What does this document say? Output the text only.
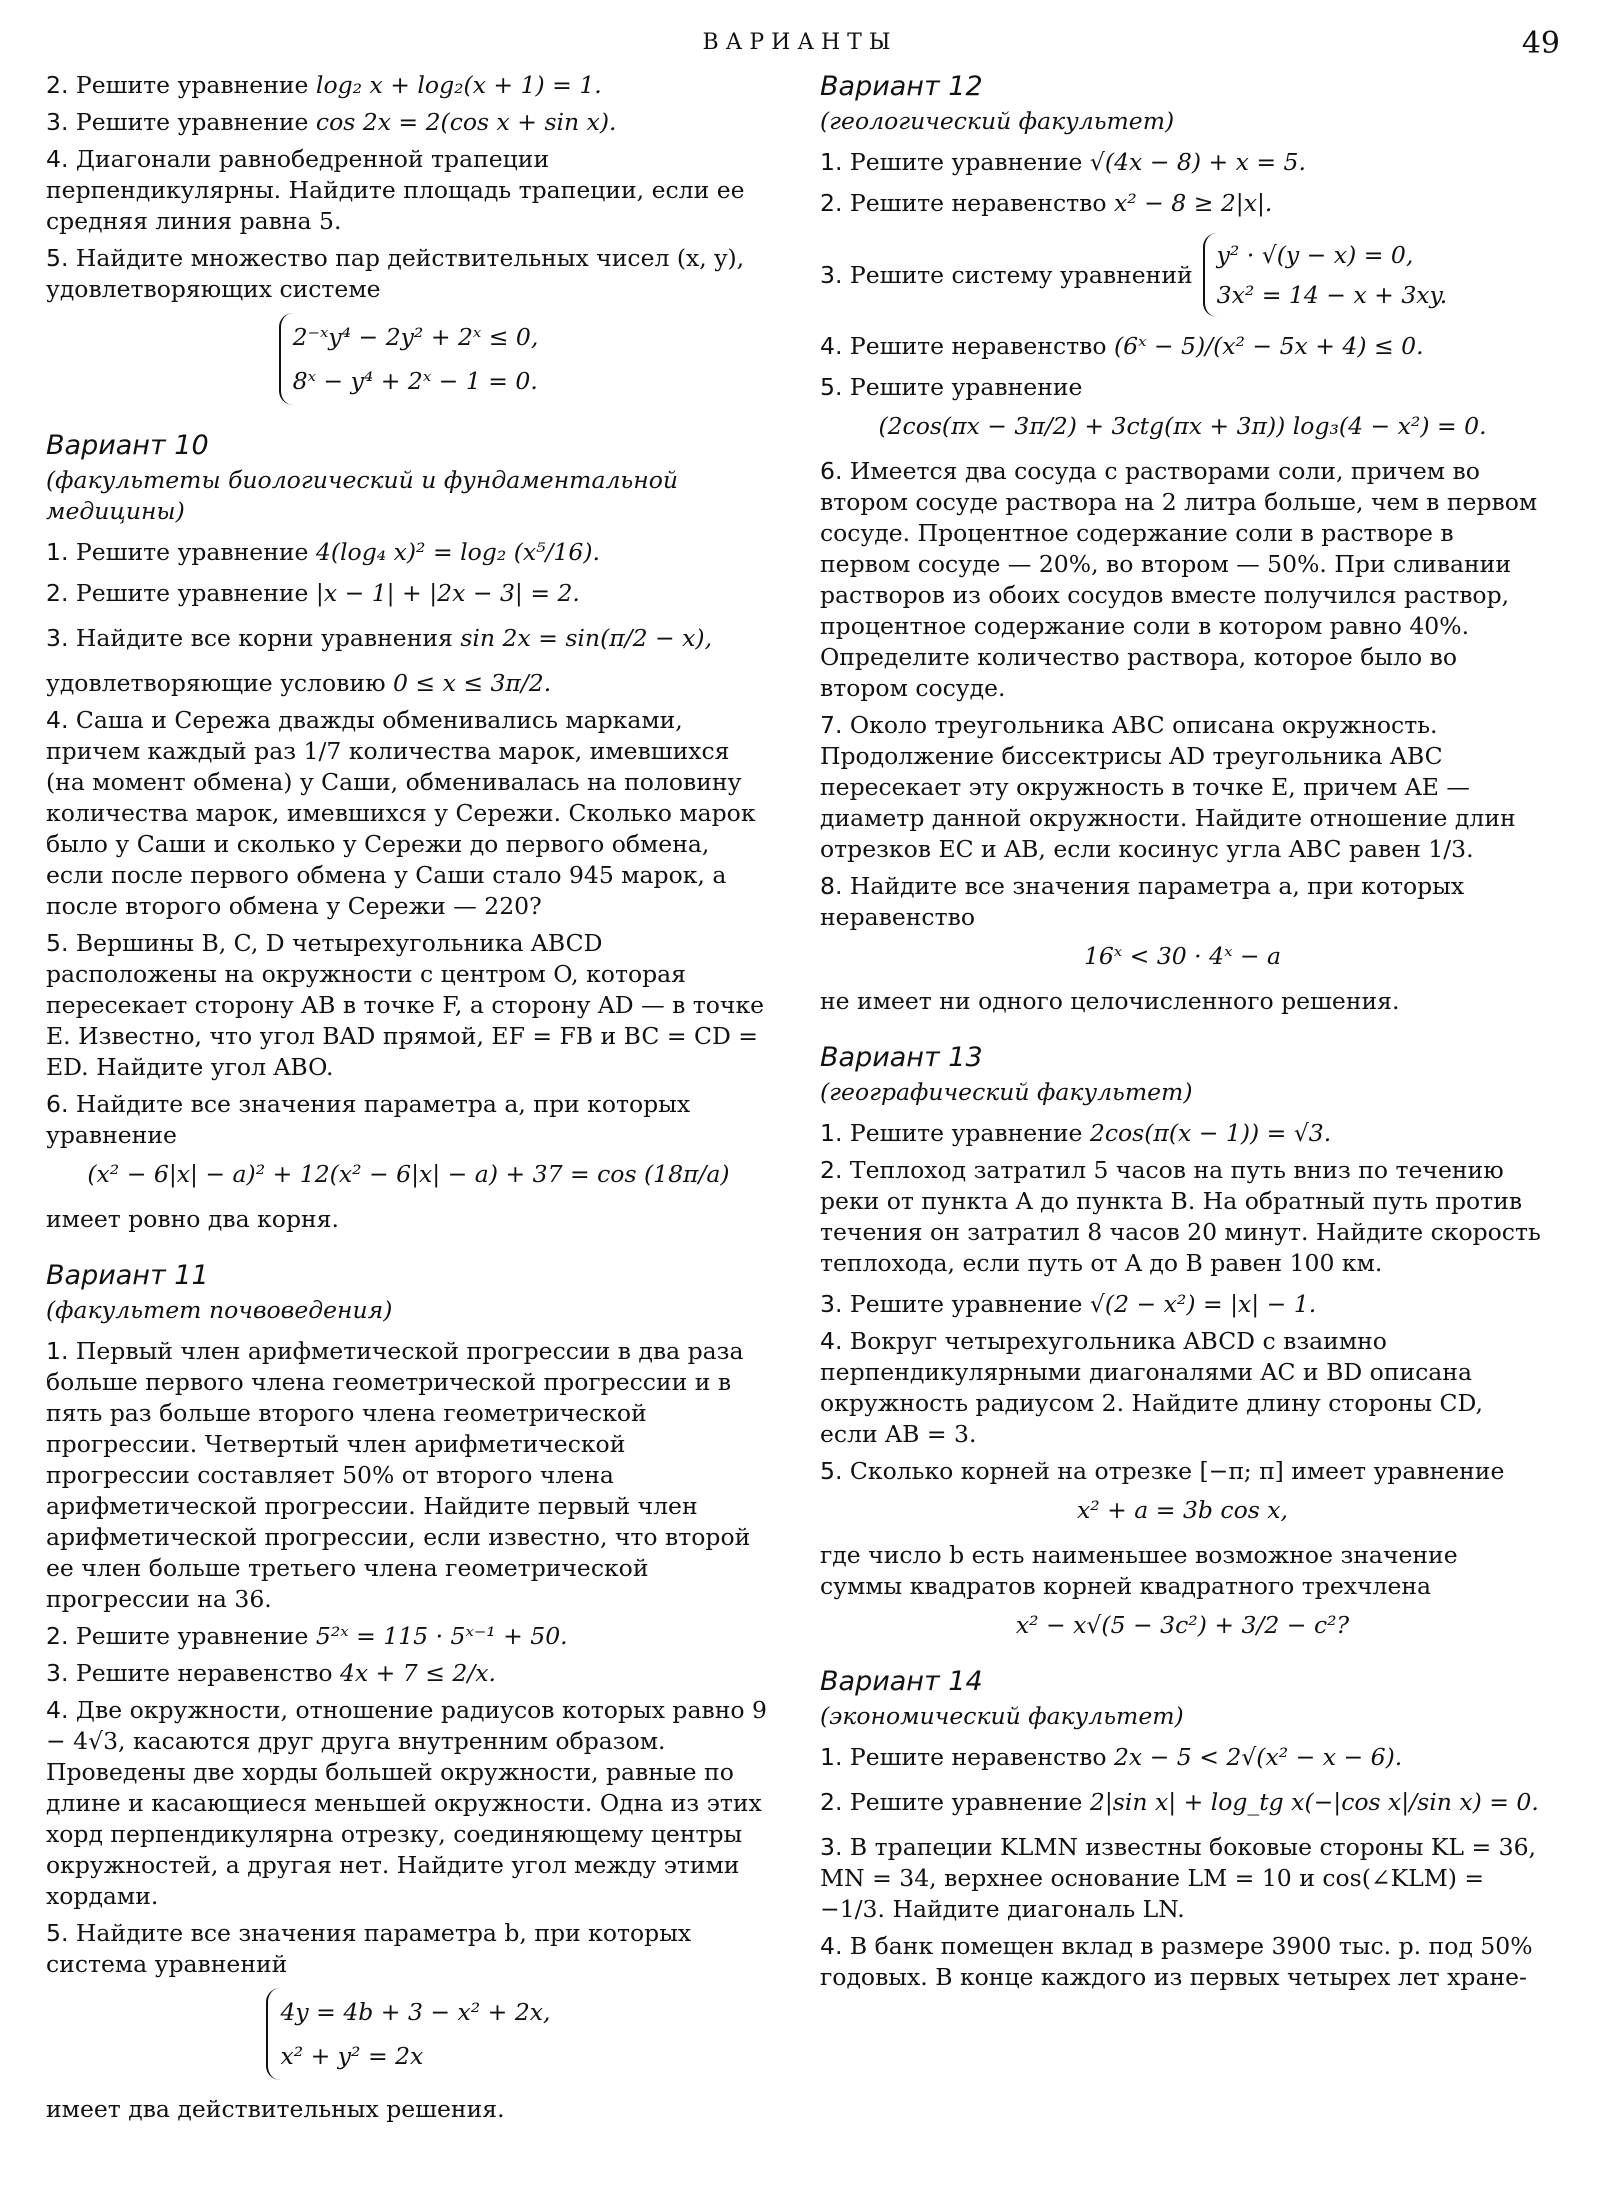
ВАРИАНТЫ	49
2. Решите уравнение log₂ x + log₂(x + 1) = 1.
3. Решите уравнение cos 2x = 2(cos x + sin x).
4. Диагонали равнобедренной трапеции перпендикулярны. Найдите площадь трапеции, если ее средняя линия равна 5.
5. Найдите множество пар действительных чисел (x, y), удовлетворяющих системе
2⁻ˣy⁴ − 2y² + 2ˣ ≤ 0,
8ˣ − y⁴ + 2ˣ − 1 = 0.
Вариант 10
(факультеты биологический и фундаментальной медицины)
1. Решите уравнение 4(log₄ x)² = log₂ (x⁵/16).
2. Решите уравнение |x − 1| + |2x − 3| = 2.
3. Найдите все корни уравнения sin 2x = sin(π/2 − x),
удовлетворяющие условию 0 ≤ x ≤ 3π/2.
4. Саша и Сережа дважды обменивались марками, причем каждый раз 1/7 количества марок, имевшихся (на момент обмена) у Саши, обменивалась на половину количества марок, имевшихся у Сережи. Сколько марок было у Саши и сколько у Сережи до первого обмена, если после первого обмена у Саши стало 945 марок, а после второго обмена у Сережи — 220?
5. Вершины B, C, D четырехугольника ABCD расположены на окружности с центром O, которая пересекает сторону AB в точке F, а сторону AD — в точке E. Известно, что угол BAD прямой, EF = FB и BC = CD = ED. Найдите угол ABO.
6. Найдите все значения параметра a, при которых уравнение
(x² − 6|x| − a)² + 12(x² − 6|x| − a) + 37 = cos (18π/a)
имеет ровно два корня.
Вариант 11
(факультет почвоведения)
1. Первый член арифметической прогрессии в два раза больше первого члена геометрической прогрессии и в пять раз больше второго члена геометрической прогрессии. Четвертый член арифметической прогрессии составляет 50% от второго члена арифметической прогрессии. Найдите первый член арифметической прогрессии, если известно, что второй ее член больше третьего члена геометрической прогрессии на 36.
2. Решите уравнение 5²ˣ = 115 · 5ˣ⁻¹ + 50.
3. Решите неравенство 4x + 7 ≤ 2/x.
4. Две окружности, отношение радиусов которых равно 9 − 4√3, касаются друг друга внутренним образом. Проведены две хорды большей окружности, равные по длине и касающиеся меньшей окружности. Одна из этих хорд перпендикулярна отрезку, соединяющему центры окружностей, а другая нет. Найдите угол между этими хордами.
5. Найдите все значения параметра b, при которых система уравнений
4y = 4b + 3 − x² + 2x,
x² + y² = 2x
имеет два действительных решения.
Вариант 12
(геологический факультет)
1. Решите уравнение √(4x − 8) + x = 5.
2. Решите неравенство x² − 8 ≥ 2|x|.
3. Решите систему уравнений
y² · √(y − x) = 0,
3x² = 14 − x + 3xy.
4. Решите неравенство (6ˣ − 5)/(x² − 5x + 4) ≤ 0.
5. Решите уравнение
(2cos(πx − 3π/2) + 3ctg(πx + 3π)) log₃(4 − x²) = 0.
6. Имеется два сосуда с растворами соли, причем во втором сосуде раствора на 2 литра больше, чем в первом сосуде. Процентное содержание соли в растворе в первом сосуде — 20%, во втором — 50%. При сливании растворов из обоих сосудов вместе получился раствор, процентное содержание соли в котором равно 40%. Определите количество раствора, которое было во втором сосуде.
7. Около треугольника ABC описана окружность. Продолжение биссектрисы AD треугольника ABC пересекает эту окружность в точке E, причем AE — диаметр данной окружности. Найдите отношение длин отрезков EC и AB, если косинус угла ABC равен 1/3.
8. Найдите все значения параметра a, при которых неравенство
16ˣ < 30 · 4ˣ − a
не имеет ни одного целочисленного решения.
Вариант 13
(географический факультет)
1. Решите уравнение 2cos(π(x − 1)) = √3.
2. Теплоход затратил 5 часов на путь вниз по течению реки от пункта A до пункта B. На обратный путь против течения он затратил 8 часов 20 минут. Найдите скорость теплохода, если путь от A до B равен 100 км.
3. Решите уравнение √(2 − x²) = |x| − 1.
4. Вокруг четырехугольника ABCD с взаимно перпендикулярными диагоналями AC и BD описана окружность радиусом 2. Найдите длину стороны CD, если AB = 3.
5. Сколько корней на отрезке [−π; π] имеет уравнение
x² + a = 3b cos x,
где число b есть наименьшее возможное значение суммы квадратов корней квадратного трехчлена
x² − x√(5 − 3c²) + 3/2 − c²?
Вариант 14
(экономический факультет)
1. Решите неравенство 2x − 5 < 2√(x² − x − 6).
2. Решите уравнение 2|sin x| + log_tg x(−|cos x|/sin x) = 0.
3. В трапеции KLMN известны боковые стороны KL = 36, MN = 34, верхнее основание LM = 10 и cos(∠KLM) = −1/3. Найдите диагональ LN.
4. В банк помещен вклад в размере 3900 тыс. р. под 50% годовых. В конце каждого из первых четырех лет хране-
